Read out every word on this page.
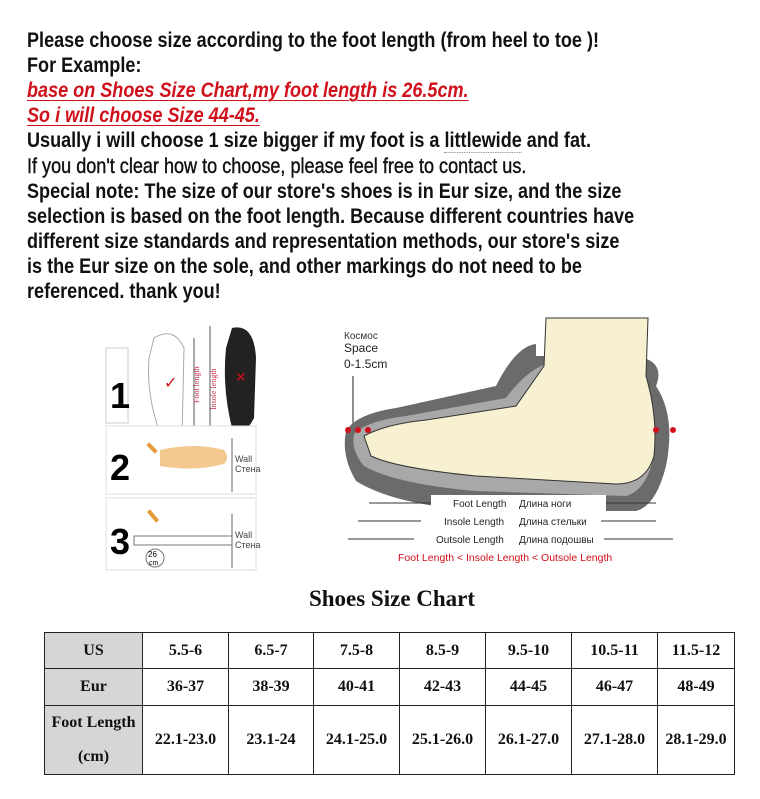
Please choose size according to the foot length (from heel to toe )!
For Example:
base on Shoes Size Chart,my foot length is 26.5cm.
So i will choose Size 44-45.
Usually i will choose 1 size bigger if my foot is a littlewide and fat.
If you don't clear how to choose, please feel free to contact us.
Special note: The size of our store's shoes is in Eur size, and the size
selection is based on the foot length. Because different countries have
different size standards and representation methods, our store's size
is the Eur size on the sole, and other markings do not need to be
referenced. thank you!
1 ✓ Foot length Insole length ✕
2	Wall
Стена
3	Wall
Стена
26
cm
Космос
Space
0-1.5cm
Foot Length Длина ноги
Insole Length Длина стельки
Outsole Length Длина подошвы
Foot Length < Insole Length < Outsole Length
Shoes Size Chart
US	5.5-6	6.5-7	7.5-8	8.5-9	9.5-10	10.5-11	11.5-12
Eur	36-37	38-39	40-41	42-43	44-45	46-47	48-49

Foot Length
(cm)	22.1-23.0	23.1-24	24.1-25.0	25.1-26.0	26.1-27.0	27.1-28.0	28.1-29.0
